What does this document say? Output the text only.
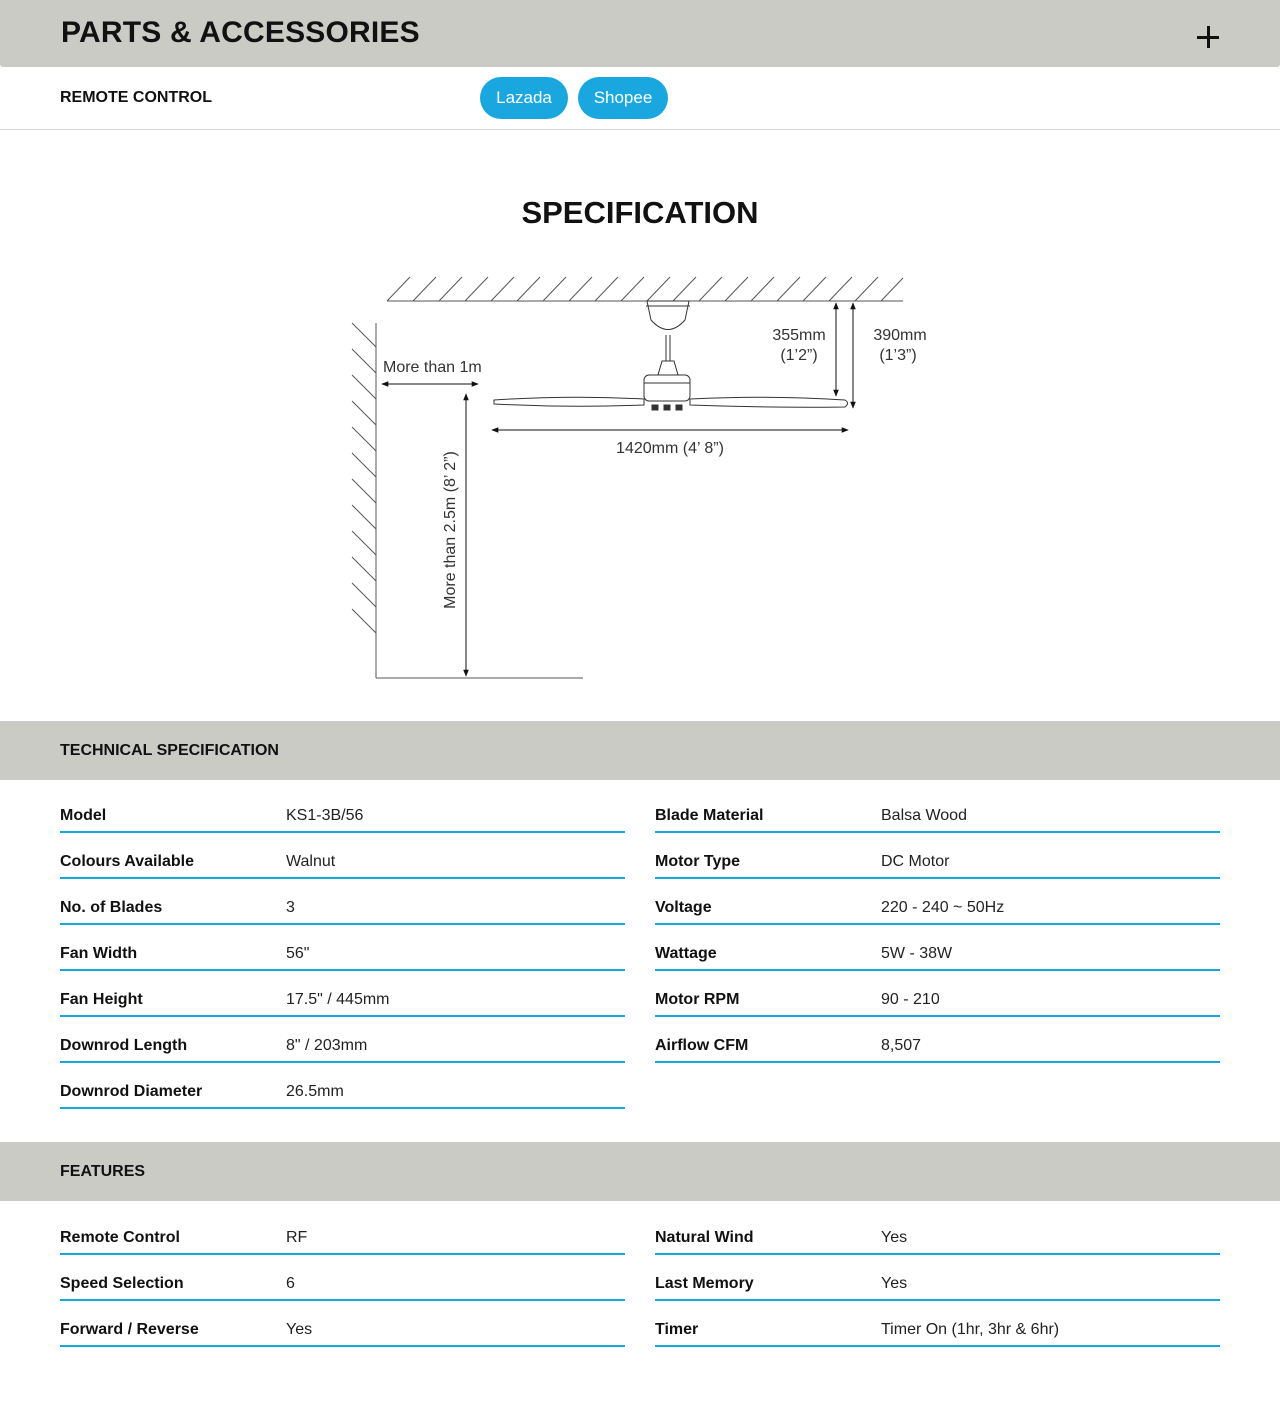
PARTS & ACCESSORIES
REMOTE CONTROL	Lazada	Shopee
SPECIFICATION
More than 1m
More than 2.5m (8’ 2”)
1420mm (4’ 8”)
355mm
(1’2”)
390mm
(1’3”)
TECHNICAL SPECIFICATION
Model	KS1-3B/56
Colours Available	Walnut
No. of Blades	3
Fan Width	56"
Fan Height	17.5" / 445mm
Downrod Length	8" / 203mm
Downrod Diameter	26.5mm
Blade Material	Balsa Wood
Motor Type	DC Motor
Voltage	220 - 240 ~ 50Hz
Wattage	5W - 38W
Motor RPM	90 - 210
Airflow CFM	8,507
FEATURES
Remote Control	RF
Speed Selection	6
Forward / Reverse	Yes
Natural Wind	Yes
Last Memory	Yes
Timer	Timer On (1hr, 3hr & 6hr)
